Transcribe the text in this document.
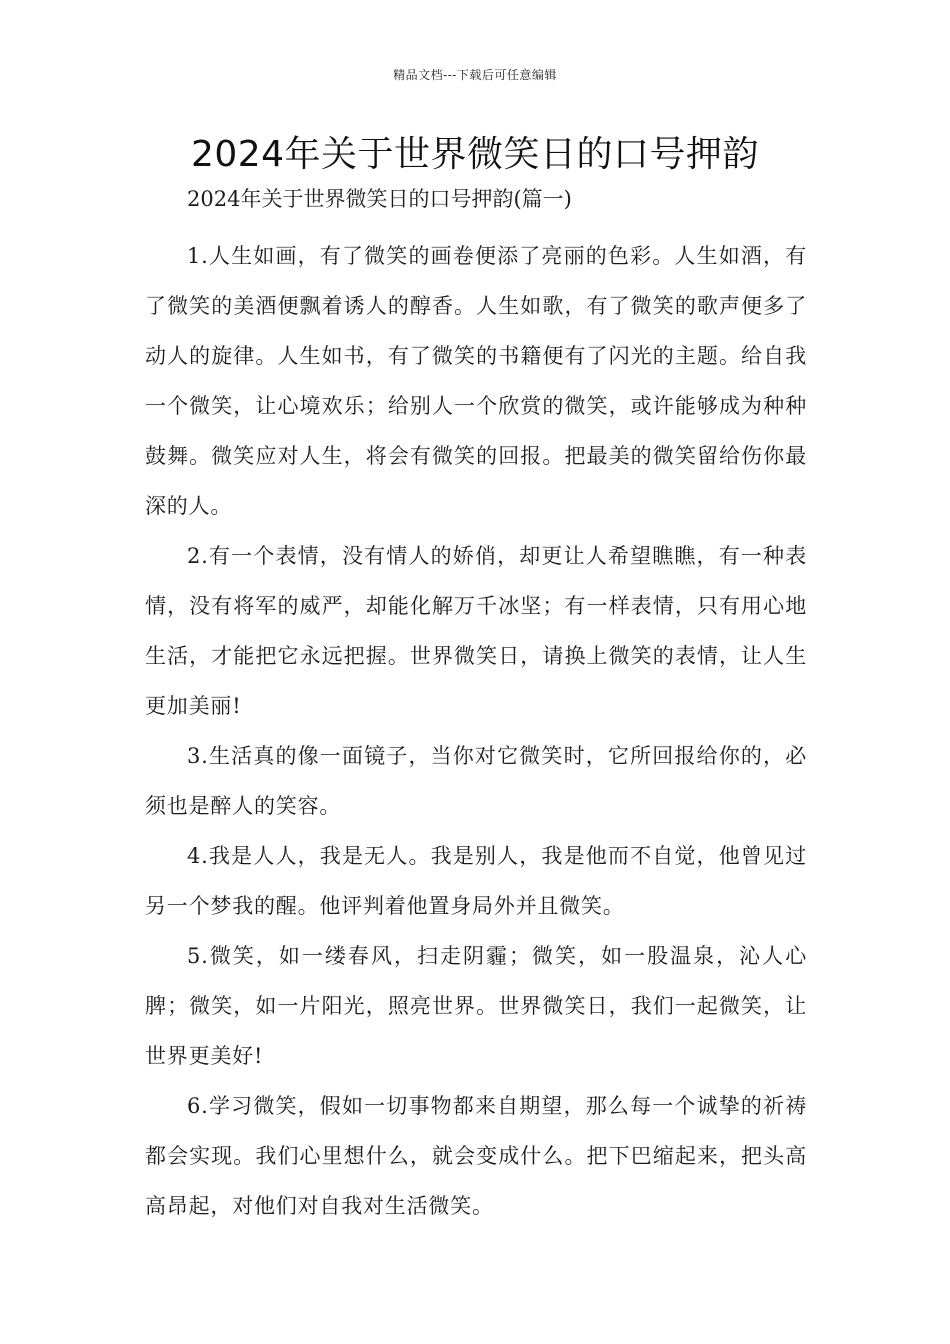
精品文档---下载后可任意编辑
2024年关于世界微笑日的口号押韵

2024年关于世界微笑日的口号押韵(篇一)

1.人生如画，有了微笑的画卷便添了亮丽的色彩。人生如酒，有了微笑的美酒便飘着诱人的醇香。人生如歌，有了微笑的歌声便多了动人的旋律。人生如书，有了微笑的书籍便有了闪光的主题。给自我一个微笑，让心境欢乐；给别人一个欣赏的微笑，或许能够成为种种鼓舞。微笑应对人生，将会有微笑的回报。把最美的微笑留给伤你最深的人。

2.有一个表情，没有情人的娇俏，却更让人希望瞧瞧，有一种表情，没有将军的威严，却能化解万千冰坚；有一样表情，只有用心地生活，才能把它永远把握。世界微笑日，请换上微笑的表情，让人生更加美丽!

3.生活真的像一面镜子，当你对它微笑时，它所回报给你的，必须也是醉人的笑容。

4.我是人人，我是无人。我是别人，我是他而不自觉，他曾见过另一个梦我的醒。他评判着他置身局外并且微笑。

5.微笑，如一缕春风，扫走阴霾；微笑，如一股温泉，沁人心脾；微笑，如一片阳光，照亮世界。世界微笑日，我们一起微笑，让世界更美好!

6.学习微笑，假如一切事物都来自期望，那么每一个诚挚的祈祷都会实现。我们心里想什么，就会变成什么。把下巴缩起来，把头高高昂起，对他们对自我对生活微笑。
